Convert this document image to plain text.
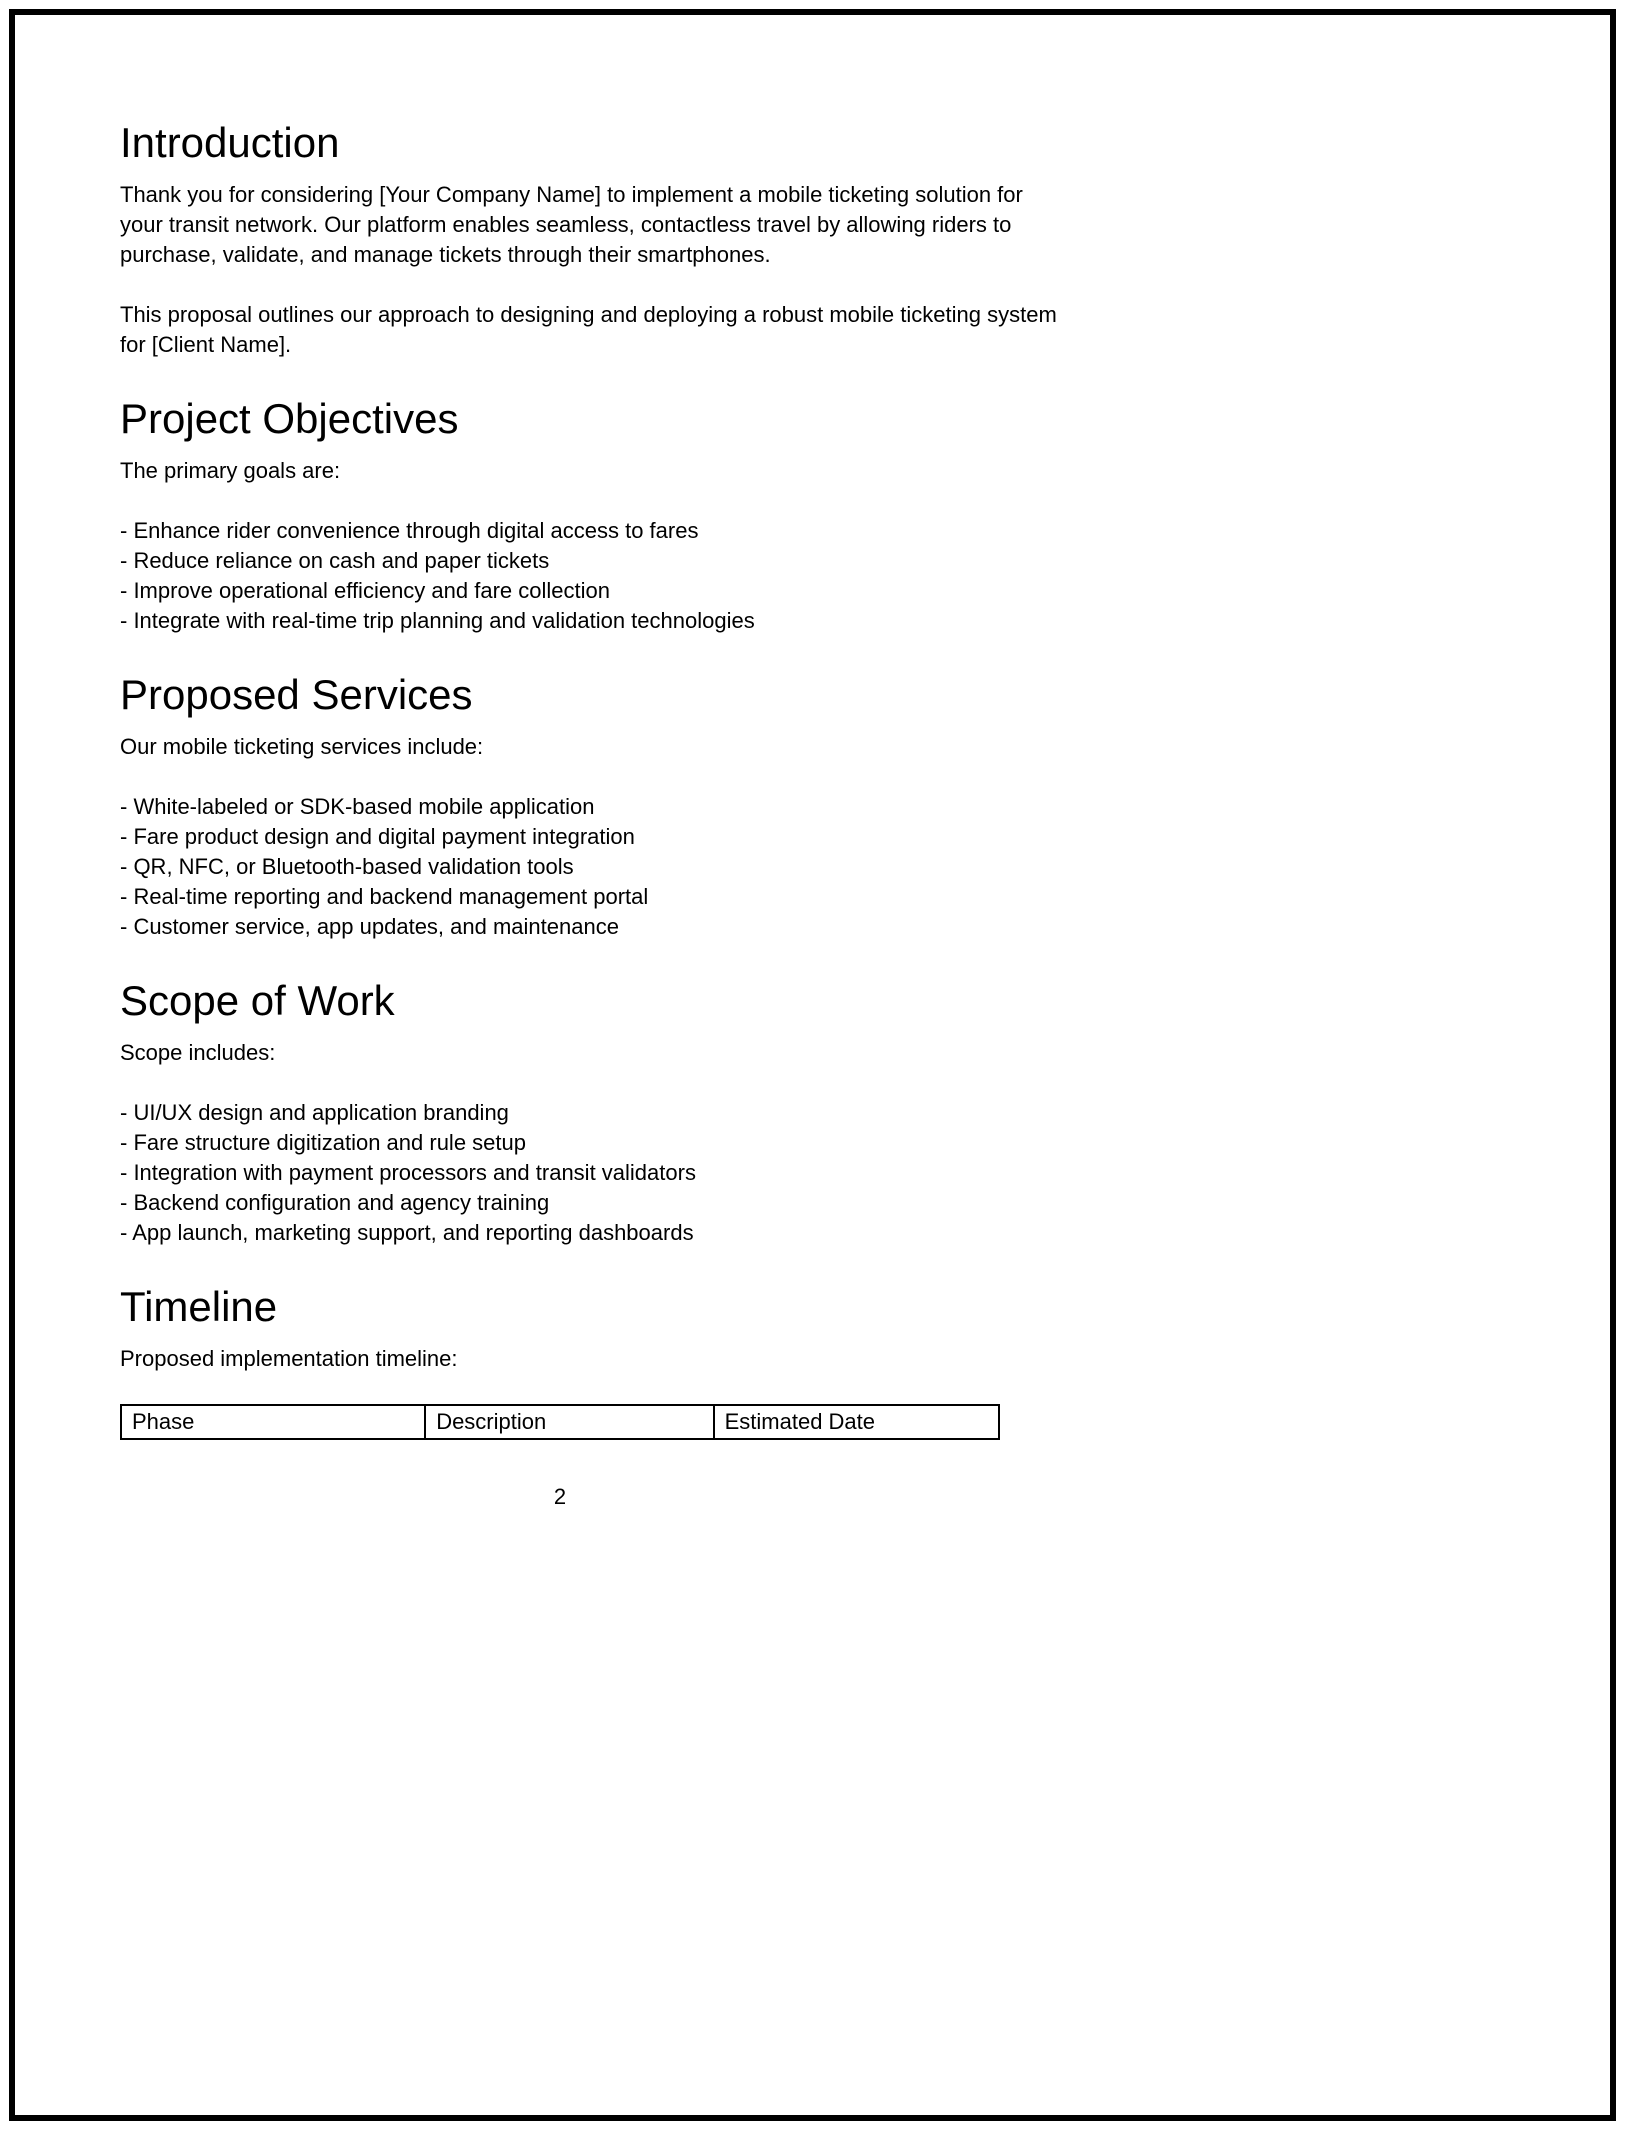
Introduction

Thank you for considering [Your Company Name] to implement a mobile ticketing solution for your transit network. Our platform enables seamless, contactless travel by allowing riders to purchase, validate, and manage tickets through their smartphones.

This proposal outlines our approach to designing and deploying a robust mobile ticketing system for [Client Name].

Project Objectives

The primary goals are:

- Enhance rider convenience through digital access to fares
- Reduce reliance on cash and paper tickets
- Improve operational efficiency and fare collection
- Integrate with real-time trip planning and validation technologies
Proposed Services

Our mobile ticketing services include:

- White-labeled or SDK-based mobile application
- Fare product design and digital payment integration
- QR, NFC, or Bluetooth-based validation tools
- Real-time reporting and backend management portal
- Customer service, app updates, and maintenance
Scope of Work

Scope includes:

- UI/UX design and application branding
- Fare structure digitization and rule setup
- Integration with payment processors and transit validators
- Backend configuration and agency training
- App launch, marketing support, and reporting dashboards
Timeline

Proposed implementation timeline:

Phase	Description	Estimated Date
2
